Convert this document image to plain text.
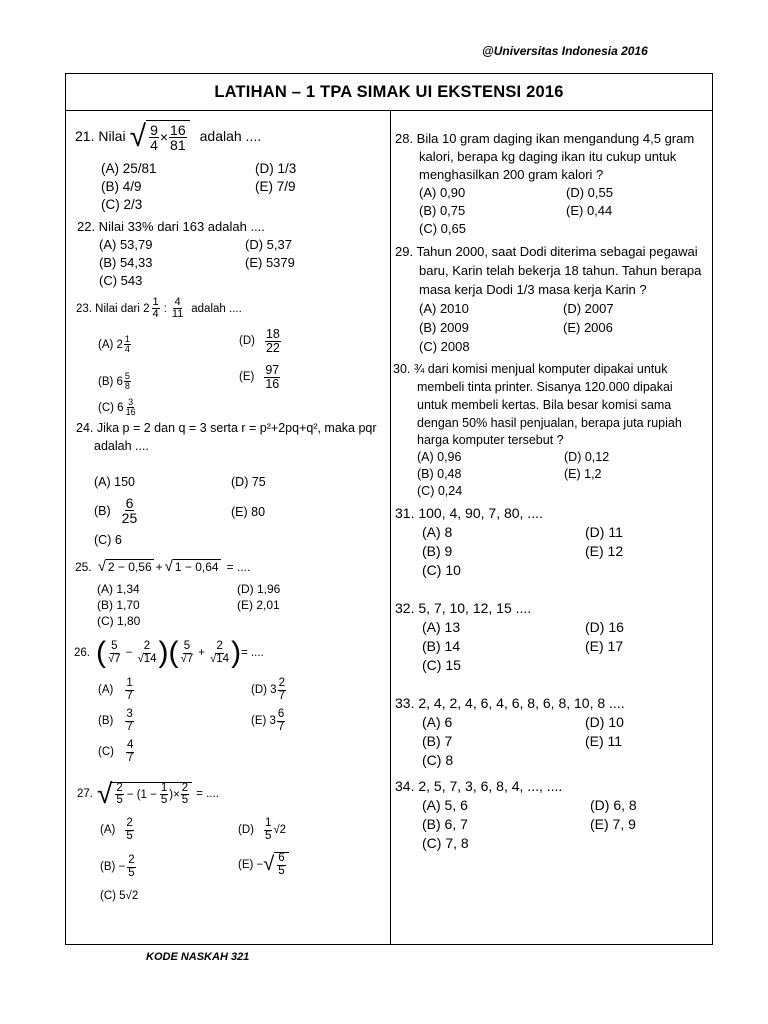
@Universitas Indonesia 2016
LATIHAN – 1 TPA SIMAK UI EKSTENSI 2016
21. Nilai √ $\frac{9}{4} \times \frac{16}{81}$ adalah ....
(A) 25/81
(B) 4/9
(C) 2/3
(D) 1/3
(E) 7/9
22. Nilai 33% dari 163 adalah ....
(A) 53,79
(B) 54,33
(C) 543
(D) 5,37
(E) 5379
23. Nilai dari $2 \frac{1}{4}$ : $\frac{4}{11}$ adalah ....
(A) 2 1
4
(B) 6 5
8
(C) 6 3
16
(D) 18
22
(E) 97
16
24. Jika p = 2 dan q = 3 serta r = p²+2pq+q², maka pqr
adalah ....
(A) 150
(B) 6
25
(C) 6
(D) 75
(E) 80
25. √ 2 − 0,56 + √ 1 − 0,64 = ....
(A) 1,34
(B) 1,70
(C) 1,80
(D) 1,96
(E) 2,01
26. ( 5
$√7 - \frac{2}{√14}$ )( 5
$√7 + \frac{2}{√14}$ ) = ....
(A)
1
7
(B)
3
7
(C)
4
7
(D) 3
2
7
(E) 3
6
7
27. √ 2
$5 - (1 - \frac{1}{5}$ )× $\frac{2}{5}$ = ....
(A)
2
5
$(B) - \frac{2}{5}$
(C) 5√2
(D)
1
5 √2
(E) − √ $\frac{6}{5}$
28. Bila 10 gram daging ikan mengandung 4,5 gram
kalori, berapa kg daging ikan itu cukup untuk
menghasilkan 200 gram kalori ?
(A) 0,90
(B) 0,75
(C) 0,65
(D) 0,55
(E) 0,44
29. Tahun 2000, saat Dodi diterima sebagai pegawai
baru, Karin telah bekerja 18 tahun. Tahun berapa
masa kerja Dodi 1/3 masa kerja Karin ?
(A) 2010
(B) 2009
(C) 2008
(D) 2007
(E) 2006
30. ¾ dari komisi menjual komputer dipakai untuk
membeli tinta printer. Sisanya 120.000 dipakai
untuk membeli kertas. Bila besar komisi sama
dengan 50% hasil penjualan, berapa juta rupiah
harga komputer tersebut ?
(A) 0,96
(B) 0,48
(C) 0,24
(D) 0,12
(E) 1,2
31. 100, 4, 90, 7, 80, ....
(A) 8
(B) 9
(C) 10
(D) 11
(E) 12
32. 5, 7, 10, 12, 15 ....
(A) 13
(B) 14
(C) 15
(D) 16
(E) 17
33. 2, 4, 2, 4, 6, 4, 6, 8, 6, 8, 10, 8 ....
(A) 6
(B) 7
(C) 8
(D) 10
(E) 11
34. 2, 5, 7, 3, 6, 8, 4, ..., ....
(A) 5, 6
(B) 6, 7
(C) 7, 8
(D) 6, 8
(E) 7, 9
KODE NASKAH 321
